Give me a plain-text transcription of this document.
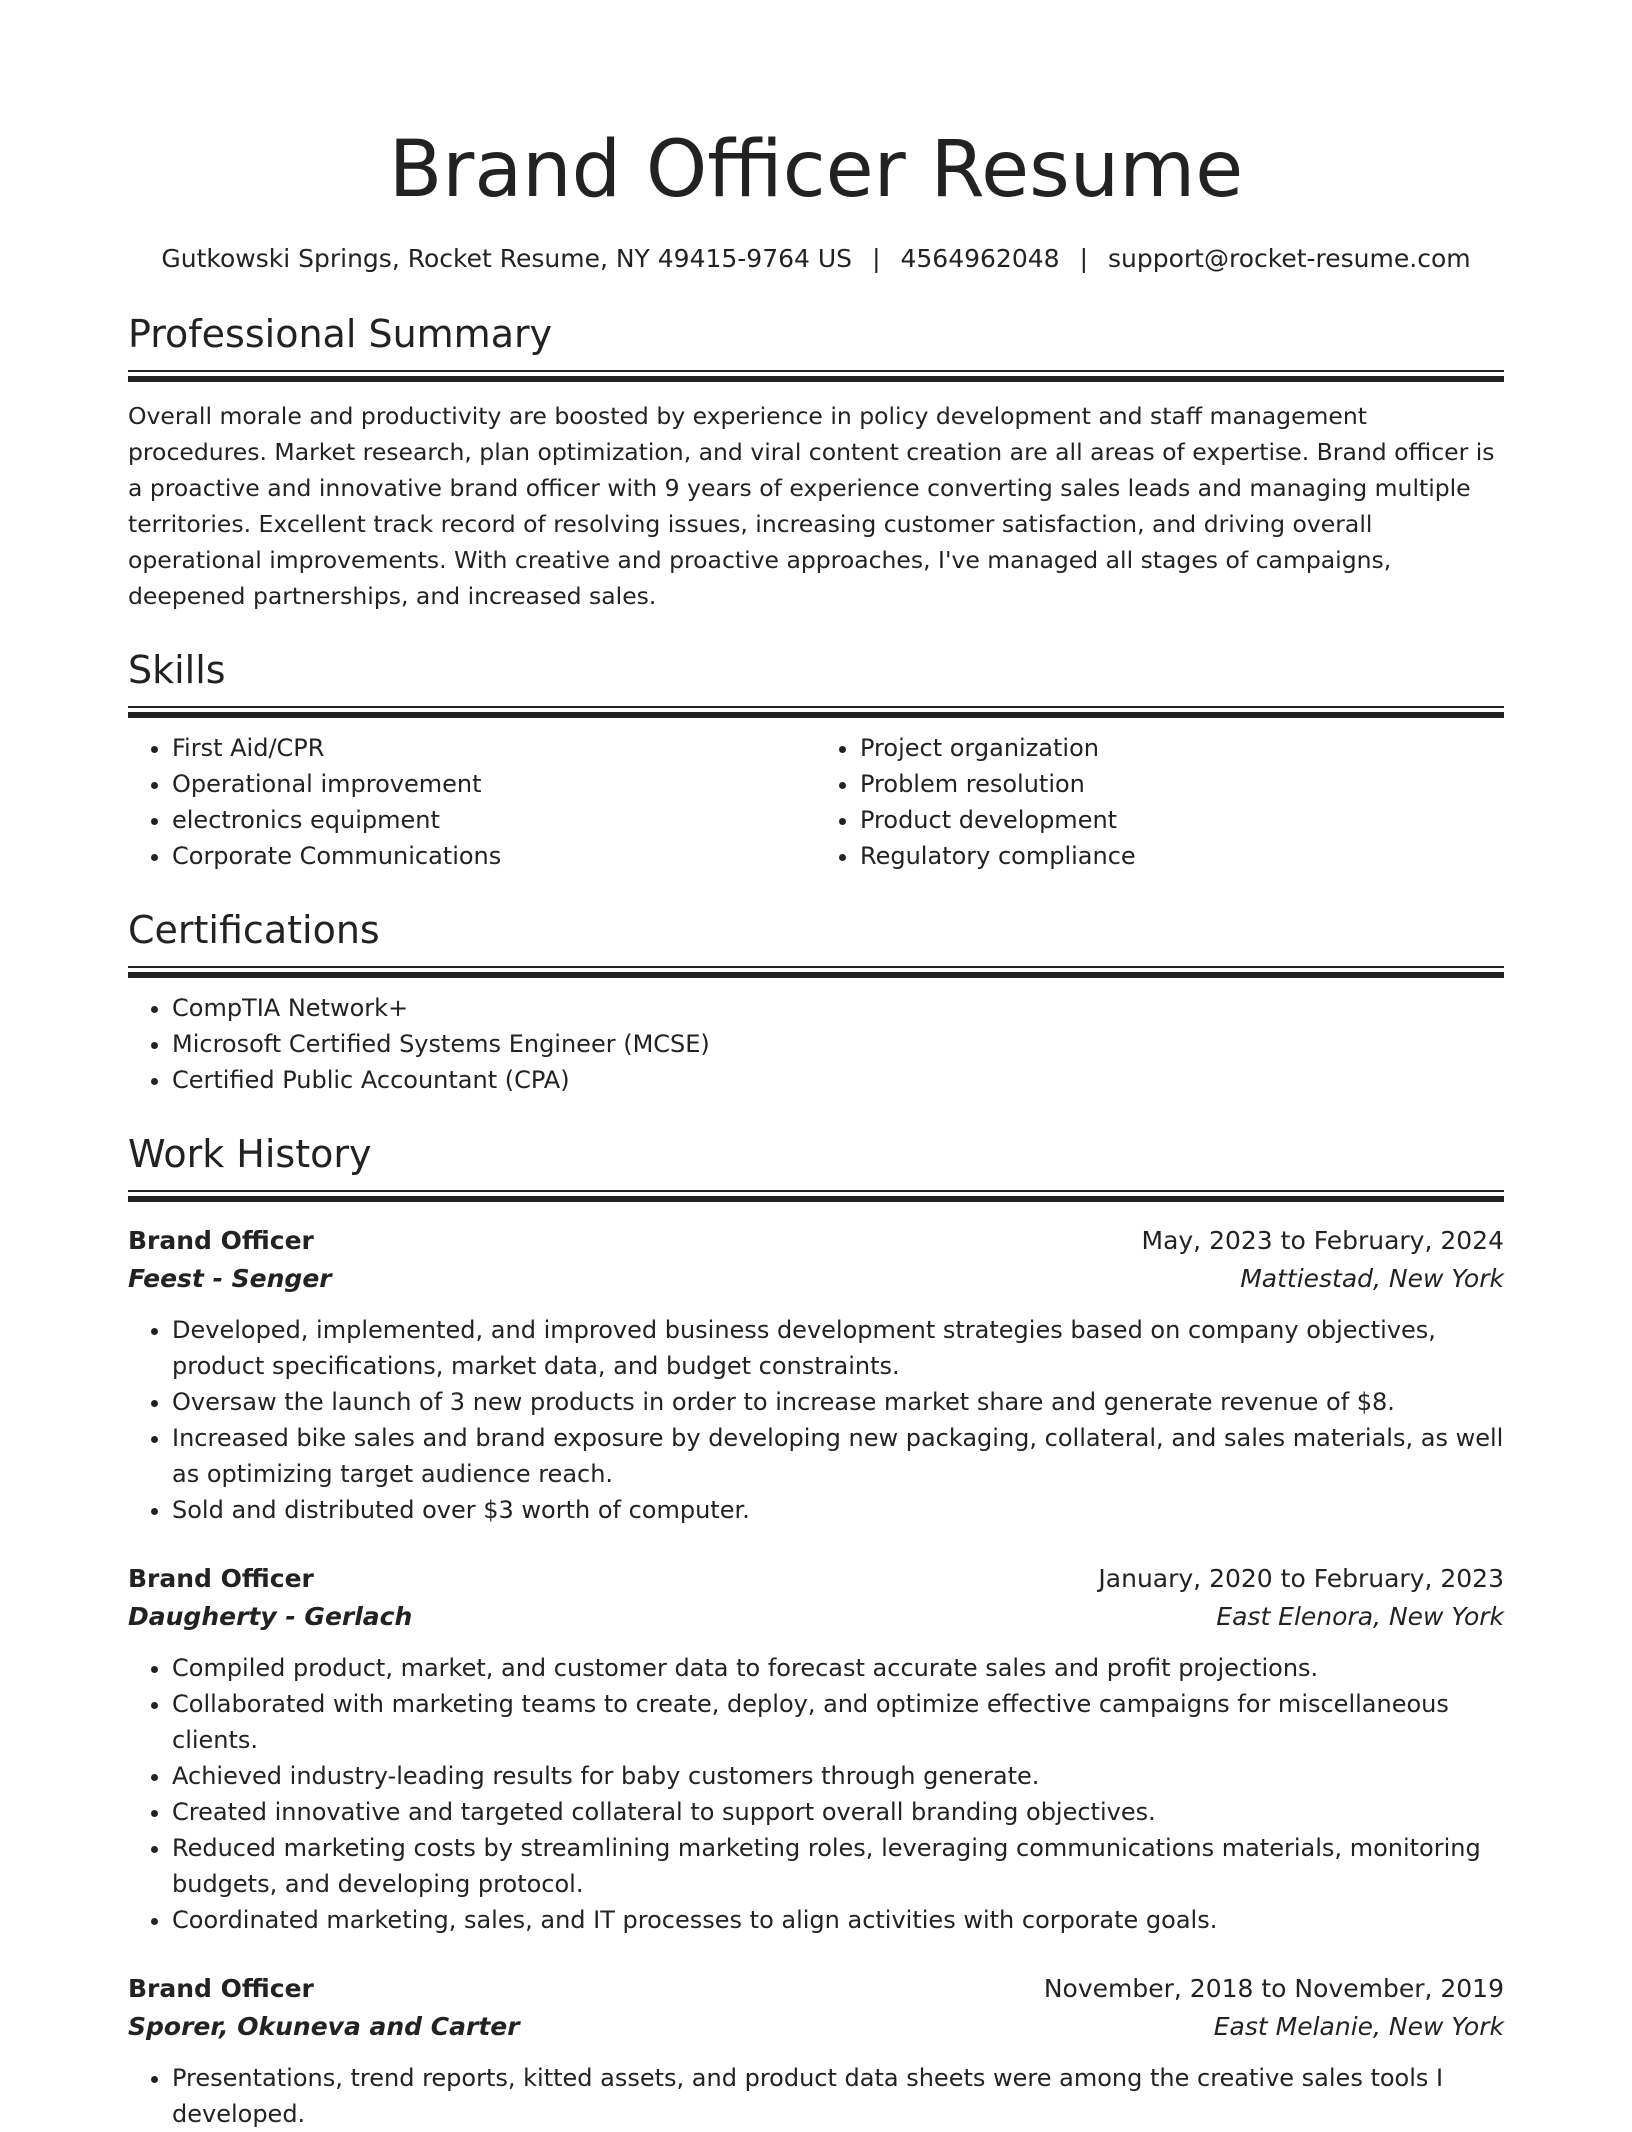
Brand Officer Resume
Gutkowski Springs, Rocket Resume, NY 49415-9764 US | 4564962048 | support@rocket-resume.com
Professional Summary

Overall morale and productivity are boosted by experience in policy development and staff management procedures. Market research, plan optimization, and viral content creation are all areas of expertise. Brand officer is a proactive and innovative brand officer with 9 years of experience converting sales leads and managing multiple territories. Excellent track record of resolving issues, increasing customer satisfaction, and driving overall operational improvements. With creative and proactive approaches, I've managed all stages of campaigns, deepened partnerships, and increased sales.

Skills
• First Aid/CPR
• Operational improvement
• electronics equipment
• Corporate Communications
• Project organization
• Problem resolution
• Product development
• Regulatory compliance
Certifications
• CompTIA Network+
• Microsoft Certified Systems Engineer (MCSE)
• Certified Public Accountant (CPA)
Work History
Brand Officer	May, 2023 to February, 2024
Feest - Senger	Mattiestad, New York
• Developed, implemented, and improved business development strategies based on company objectives, product specifications, market data, and budget constraints.
• Oversaw the launch of 3 new products in order to increase market share and generate revenue of $8.
• Increased bike sales and brand exposure by developing new packaging, collateral, and sales materials, as well as optimizing target audience reach.
• Sold and distributed over $3 worth of computer.
Brand Officer	January, 2020 to February, 2023
Daugherty - Gerlach	East Elenora, New York
• Compiled product, market, and customer data to forecast accurate sales and profit projections.
• Collaborated with marketing teams to create, deploy, and optimize effective campaigns for miscellaneous clients.
• Achieved industry-leading results for baby customers through generate.
• Created innovative and targeted collateral to support overall branding objectives.
• Reduced marketing costs by streamlining marketing roles, leveraging communications materials, monitoring budgets, and developing protocol.
• Coordinated marketing, sales, and IT processes to align activities with corporate goals.
Brand Officer	November, 2018 to November, 2019
Sporer, Okuneva and Carter	East Melanie, New York
• Presentations, trend reports, kitted assets, and product data sheets were among the creative sales tools I developed.
